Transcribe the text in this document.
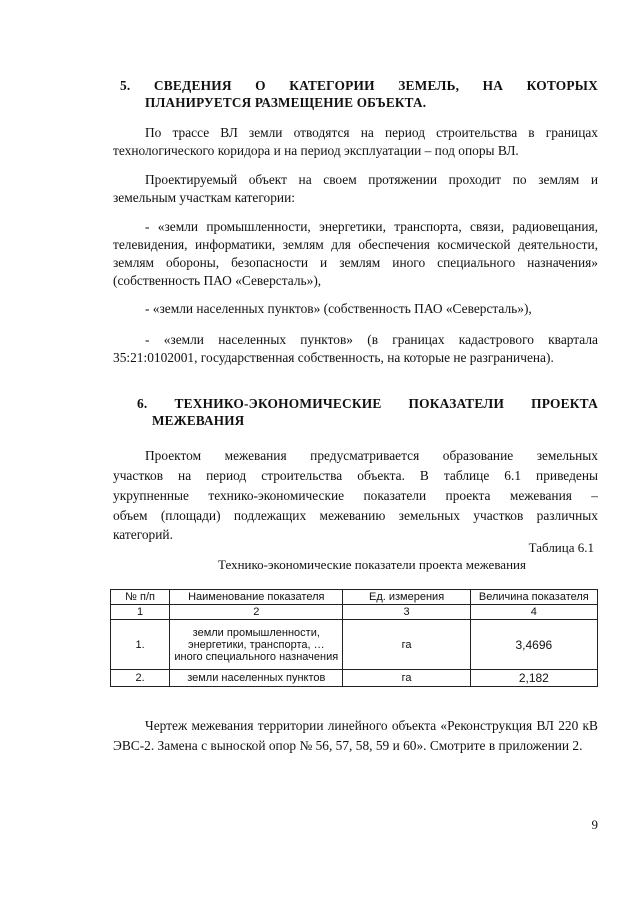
5. СВЕДЕНИЯ О КАТЕГОРИИ ЗЕМЕЛЬ, НА КОТОРЫХ
ПЛАНИРУЕТСЯ РАЗМЕЩЕНИЕ ОБЪЕКТА.
По трассе ВЛ земли отводятся на период строительства в границах
технологического коридора и на период эксплуатации – под опоры ВЛ.
Проектируемый объект на своем протяжении проходит по землям и
земельным участкам категории:
- «земли промышленности, энергетики, транспорта, связи, радиовещания,
телевидения, информатики, землям для обеспечения космической деятельности,
землям обороны, безопасности и землям иного специального назначения»
(собственность ПАО «Северсталь»),
- «земли населенных пунктов» (собственность ПАО «Северсталь»),
- «земли населенных пунктов» (в границах кадастрового квартала
35:21:0102001, государственная собственность, на которые не разграничена).
6. ТЕХНИКО-ЭКОНОМИЧЕСКИЕ ПОКАЗАТЕЛИ ПРОЕКТА
МЕЖЕВАНИЯ
Проектом межевания предусматривается образование земельных
участков на период строительства объекта. В таблице 6.1 приведены
укрупненные технико-экономические показатели проекта межевания –
объем (площади) подлежащих межеванию земельных участков различных
категорий.
Таблица 6.1
Технико-экономические показатели проекта межевания
№ п/п	Наименование показателя	Ед. измерения	Величина показателя
1	2	3	4
1.	земли промышленности,
энергетики, транспорта, …
иного специального назначения	га	3,4696
2.	земли населенных пунктов	га	2,182
Чертеж межевания территории линейного объекта «Реконструкция ВЛ 220 кВ
ЭВС-2. Замена с выноской опор № 56, 57, 58, 59 и 60». Смотрите в приложении 2.
9
